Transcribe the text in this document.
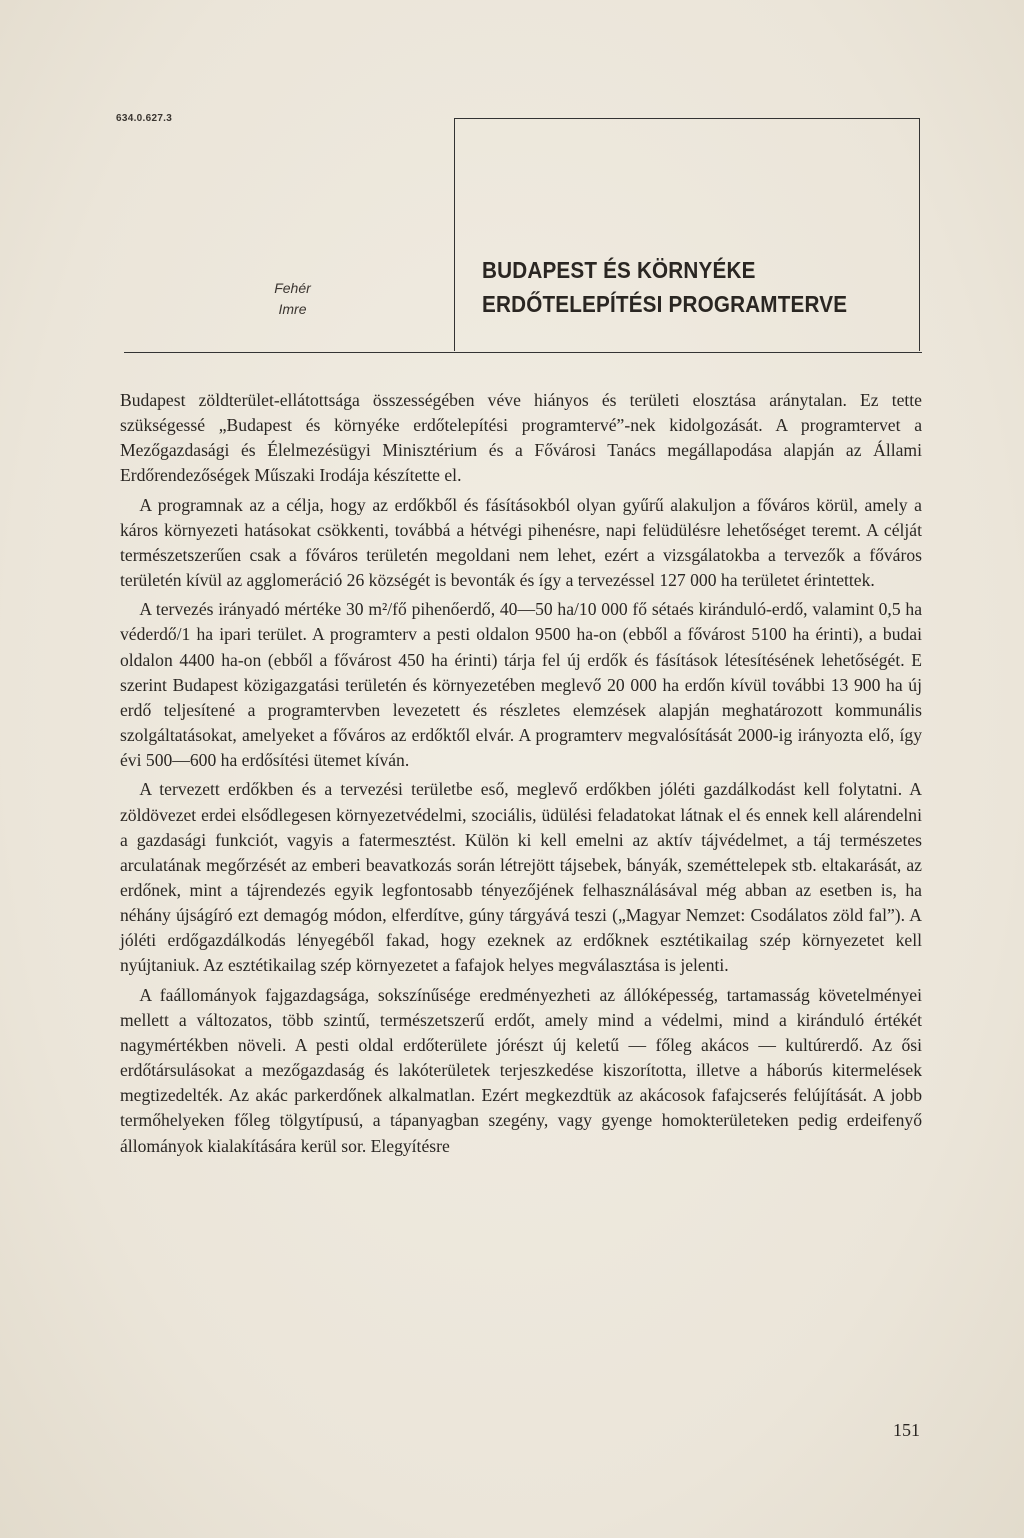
634.0.627.3
Fehér
Imre
BUDAPEST ÉS KÖRNYÉKE
ERDŐTELEPÍTÉSI PROGRAMTERVE

Budapest zöldterület-ellátottsága összességében véve hiányos és területi elosztása aránytalan. Ez tette szükségessé „Budapest és környéke erdőtelepítési programtervé”-nek kidolgozását. A programtervet a Mezőgazdasági és Élelmezésügyi Minisztérium és a Fővárosi Tanács megállapodása alapján az Állami Erdőrendezőségek Műszaki Irodája készítette el.

A programnak az a célja, hogy az erdőkből és fásításokból olyan gyűrű alakuljon a főváros körül, amely a káros környezeti hatásokat csökkenti, továbbá a hétvégi pihenésre, napi felüdülésre lehetőséget teremt. A célját természetszerűen csak a főváros területén megoldani nem lehet, ezért a vizsgálatokba a tervezők a főváros területén kívül az agglomeráció 26 községét is bevonták és így a tervezéssel 127 000 ha területet érintettek.

A tervezés irányadó mértéke 30 m²/fő pihenőerdő, 40—50 ha/10 000 fő sétaés kiránduló-erdő, valamint 0,5 ha véderdő/1 ha ipari terület. A programterv a pesti oldalon 9500 ha-on (ebből a fővárost 5100 ha érinti), a budai oldalon 4400 ha-on (ebből a fővárost 450 ha érinti) tárja fel új erdők és fásítások létesítésének lehetőségét. E szerint Budapest közigazgatási területén és környezetében meglevő 20 000 ha erdőn kívül további 13 900 ha új erdő teljesítené a programtervben levezetett és részletes elemzések alapján meghatározott kommunális szolgáltatásokat, amelyeket a főváros az erdőktől elvár. A programterv megvalósítását 2000-ig irányozta elő, így évi 500—600 ha erdősítési ütemet kíván.

A tervezett erdőkben és a tervezési területbe eső, meglevő erdőkben jóléti gazdálkodást kell folytatni. A zöldövezet erdei elsődlegesen környezetvédelmi, szociális, üdülési feladatokat látnak el és ennek kell alárendelni a gazdasági funkciót, vagyis a fatermesztést. Külön ki kell emelni az aktív tájvédelmet, a táj természetes arculatának megőrzését az emberi beavatkozás során létrejött tájsebek, bányák, szeméttelepek stb. eltakarását, az erdőnek, mint a tájrendezés egyik legfontosabb tényezőjének felhasználásával még abban az esetben is, ha néhány újságíró ezt demagóg módon, elferdítve, gúny tárgyává teszi („Magyar Nemzet: Csodálatos zöld fal”). A jóléti erdőgazdálkodás lényegéből fakad, hogy ezeknek az erdőknek esztétikailag szép környezetet kell nyújtaniuk. Az esztétikailag szép környezetet a fafajok helyes megválasztása is jelenti.

A faállományok fajgazdagsága, sokszínűsége eredményezheti az állóképesség, tartamasság követelményei mellett a változatos, több szintű, természetszerű erdőt, amely mind a védelmi, mind a kiránduló értékét nagymértékben növeli. A pesti oldal erdőterülete jórészt új keletű — főleg akácos — kultúrerdő. Az ősi erdőtársulásokat a mezőgazdaság és lakóterületek terjeszkedése kiszorította, illetve a háborús kitermelések megtizedelték. Az akác parkerdőnek alkalmatlan. Ezért megkezdtük az akácosok fafajcserés felújítását. A jobb termőhelyeken főleg tölgytípusú, a tápanyagban szegény, vagy gyenge homokterületeken pedig erdeifenyő állományok kialakítására kerül sor. Elegyítésre

151
